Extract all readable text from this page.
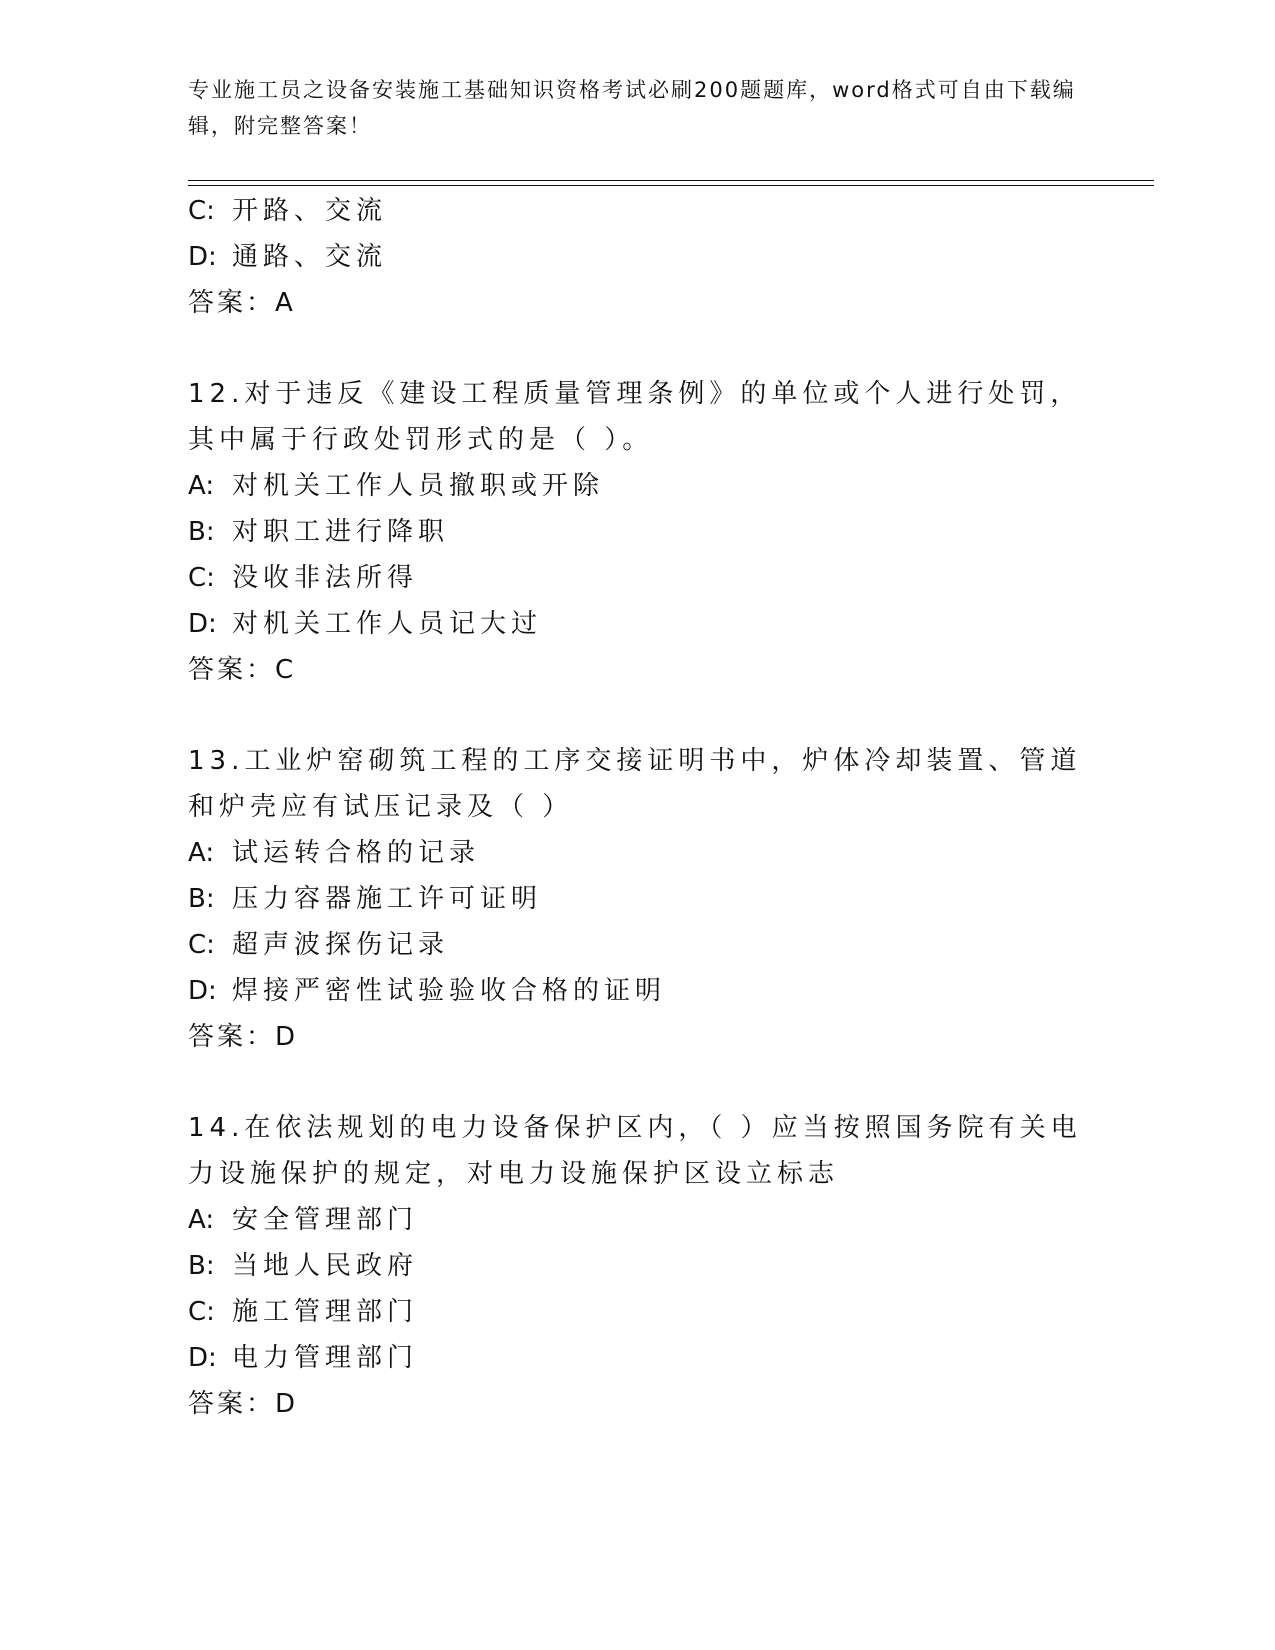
专业施工员之设备安装施工基础知识资格考试必刷200题题库，word格式可自由下载编辑，附完整答案！
C: 开路、交流
D: 通路、交流
答案：A
12.对于违反《建设工程质量管理条例》的单位或个人进行处罚，其中属于行政处罚形式的是（ ）。
A: 对机关工作人员撤职或开除
B: 对职工进行降职
C: 没收非法所得
D: 对机关工作人员记大过
答案：C
13.工业炉窑砌筑工程的工序交接证明书中，炉体冷却装置、管道和炉壳应有试压记录及（ ）
A: 试运转合格的记录
B: 压力容器施工许可证明
C: 超声波探伤记录
D: 焊接严密性试验验收合格的证明
答案：D
14.在依法规划的电力设备保护区内，（ ）应当按照国务院有关电力设施保护的规定，对电力设施保护区设立标志
A: 安全管理部门
B: 当地人民政府
C: 施工管理部门
D: 电力管理部门
答案：D
